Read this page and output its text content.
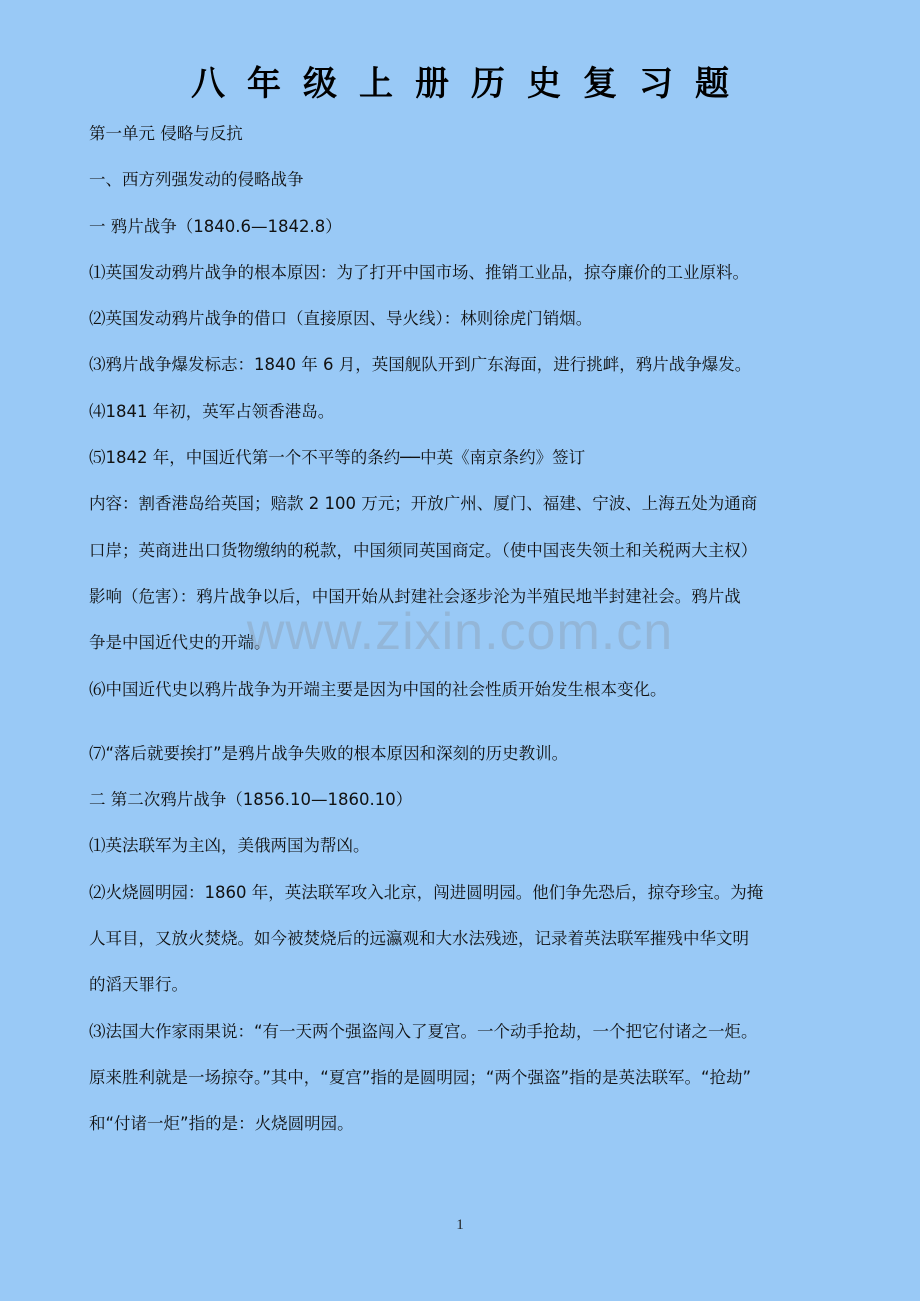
八年级上册历史复习题
第一单元 侵略与反抗
一、西方列强发动的侵略战争
一 鸦片战争（1840.6—1842.8）
⑴英国发动鸦片战争的根本原因：为了打开中国市场、推销工业品，掠夺廉价的工业原料。
⑵英国发动鸦片战争的借口（直接原因、导火线）：林则徐虎门销烟。
⑶鸦片战争爆发标志：1840 年 6 月，英国舰队开到广东海面，进行挑衅，鸦片战争爆发。
⑷1841 年初，英军占领香港岛。
⑸1842 年，中国近代第一个不平等的条约──中英《南京条约》签订
内容：割香港岛给英国；赔款 2 100 万元；开放广州、厦门、福建、宁波、上海五处为通商
口岸；英商进出口货物缴纳的税款，中国须同英国商定。（使中国丧失领土和关税两大主权）
影响（危害）：鸦片战争以后，中国开始从封建社会逐步沦为半殖民地半封建社会。鸦片战
争是中国近代史的开端。
⑹中国近代史以鸦片战争为开端主要是因为中国的社会性质开始发生根本变化。
⑺“落后就要挨打”是鸦片战争失败的根本原因和深刻的历史教训。
二 第二次鸦片战争（1856.10—1860.10）
⑴英法联军为主凶，美俄两国为帮凶。
⑵火烧圆明园：1860 年，英法联军攻入北京，闯进圆明园。他们争先恐后，掠夺珍宝。为掩
人耳目，又放火焚烧。如今被焚烧后的远瀛观和大水法残迹，记录着英法联军摧残中华文明
的滔天罪行。
⑶法国大作家雨果说：“有一天两个强盗闯入了夏宫。一个动手抢劫，一个把它付诸之一炬。
原来胜利就是一场掠夺。”其中，“夏宫”指的是圆明园；“两个强盗”指的是英法联军。“抢劫”
和“付诸一炬”指的是：火烧圆明园。
www.zixin.com.cn
1
